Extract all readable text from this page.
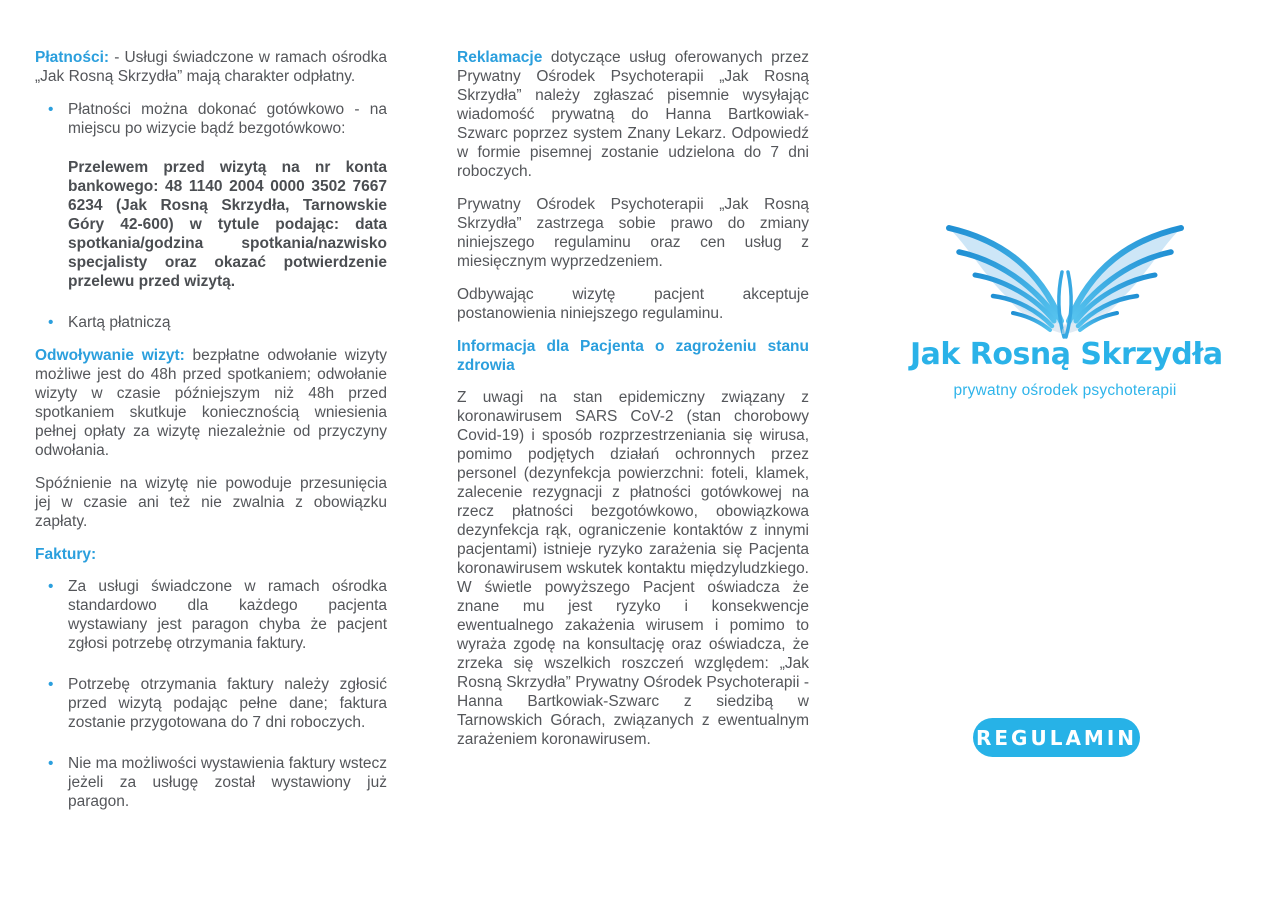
Płatności: - Usługi świadczone w ramach ośrodka „Jak Rosną Skrzydła” mają charakter odpłatny.

• Płatności można dokonać gotówkowo - na miejscu po wizycie bądź bezgotówkowo:

Przelewem przed wizytą na nr konta bankowego: 48 1140 2004 0000 3502 7667 6234 (Jak Rosną Skrzydła, Tarnowskie Góry 42-600) w tytule podając: data spotkania/godzina spotkania/nazwisko specjalisty oraz okazać potwierdzenie przelewu przed wizytą.

• Kartą płatniczą

Odwoływanie wizyt: bezpłatne odwołanie wizyty możliwe jest do 48h przed spotkaniem; odwołanie wizyty w czasie późniejszym niż 48h przed spotkaniem skutkuje koniecznością wniesienia pełnej opłaty za wizytę niezależnie od przyczyny odwołania.

Spóźnienie na wizytę nie powoduje przesunięcia jej w czasie ani też nie zwalnia z obowiązku zapłaty.

Faktury:

• Za usługi świadczone w ramach ośrodka standardowo dla każdego pacjenta wystawiany jest paragon chyba że pacjent zgłosi potrzebę otrzymania faktury.
• Potrzebę otrzymania faktury należy zgłosić przed wizytą podając pełne dane; faktura zostanie przygotowana do 7 dni roboczych.
• Nie ma możliwości wystawienia faktury wstecz jeżeli za usługę został wystawiony już paragon.

Reklamacje dotyczące usług oferowanych przez Prywatny Ośrodek Psychoterapii „Jak Rosną Skrzydła” należy zgłaszać pisemnie wysyłając wiadomość prywatną do Hanna Bartkowiak-Szwarc poprzez system Znany Lekarz. Odpowiedź w formie pisemnej zostanie udzielona do 7 dni roboczych.

Prywatny Ośrodek Psychoterapii „Jak Rosną Skrzydła” zastrzega sobie prawo do zmiany niniejszego regulaminu oraz cen usług z miesięcznym wyprzedzeniem.

Odbywając wizytę pacjent akceptuje postanowienia niniejszego regulaminu.

Informacja dla Pacjenta o zagrożeniu stanu zdrowia

Z uwagi na stan epidemiczny związany z koronawirusem SARS CoV-2 (stan chorobowy Covid-19) i sposób rozprzestrzeniania się wirusa, pomimo podjętych działań ochronnych przez personel (dezynfekcja powierzchni: foteli, klamek, zalecenie rezygnacji z płatności gotówkowej na rzecz płatności bezgotówkowo, obowiązkowa dezynfekcja rąk, ograniczenie kontaktów z innymi pacjentami) istnieje ryzyko zarażenia się Pacjenta koronawirusem wskutek kontaktu międzyludzkiego. W świetle powyższego Pacjent oświadcza że znane mu jest ryzyko i konsekwencje ewentualnego zakażenia wirusem i pomimo to wyraża zgodę na konsultację oraz oświadcza, że zrzeka się wszelkich roszczeń względem: „Jak Rosną Skrzydła” Prywatny Ośrodek Psychoterapii - Hanna Bartkowiak-Szwarc z siedzibą w Tarnowskich Górach, związanych z ewentualnym zarażeniem koronawirusem.

Jak Rosną Skrzydła
prywatny ośrodek psychoterapii
REGULAMIN
